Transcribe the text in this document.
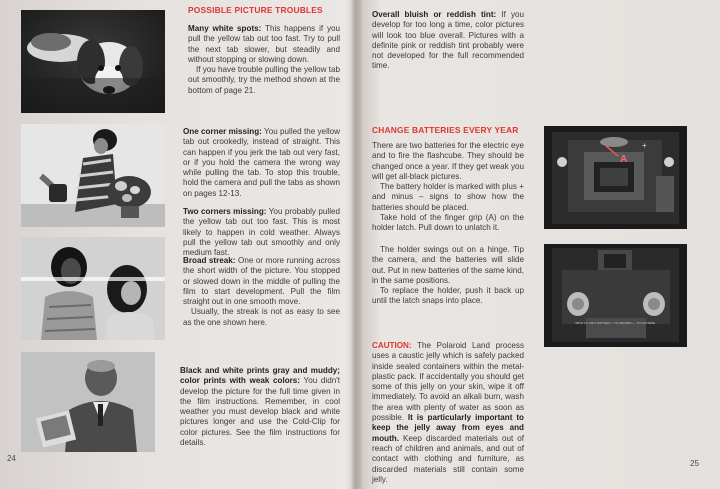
POSSIBLE PICTURE TROUBLES

Many white spots: This happens if you pull the yellow tab out too fast. Try to pull the next tab slower, but steadily and without stopping or slowing down.
If you have trouble pulling the yellow tab out smoothly, try the method shown at the bottom of page 21.

One corner missing: You pulled the yellow tab out crookedly, instead of straight. This can happen if you jerk the tab out very fast, or if you hold the camera the wrong way while pulling the tab. To stop this trouble, hold the camera and pull the tabs as shown on pages 12-13.

Two corners missing: You probably pulled the yellow tab out too fast. This is most likely to happen in cold weather. Always pull the yellow tab out smoothly and only medium fast.

Broad streak: One or more running across the short width of the picture. You stopped or slowed down in the middle of pulling the film to start development. Pull the film straight out in one smooth move.
Usually, the streak is not as easy to see as the one shown here.

Black and white prints gray and muddy; color prints with weak colors: You didn't develop the picture for the full time given in the film instructions. Remember, in cool weather you must develop black and white pictures longer and use the Cold-Clip for color pictures. See the film instructions for details.

24

Overall bluish or reddish tint: If you develop for too long a time, color pictures will look too blue overall. Pictures with a definite pink or reddish tint probably were not developed for the full recommended time.

CHANGE BATTERIES EVERY YEAR

There are two batteries for the electric eye and to fire the flashcube. They should be changed once a year. If they get weak you will get all-black pictures.
The battery holder is marked with plus + and minus – signs to show how the batteries should be placed.
Take hold of the finger grip (A) on the holder latch. Pull down to unlatch it.

The holder swings out on a hinge. Tip the camera, and the batteries will slide out. Put in new batteries of the same kind, in the same positions.
To replace the holder, push it back up until the latch snaps into place.

CAUTION: The Polaroid Land process uses a caustic jelly which is safely packed inside sealed containers within the metal-plastic pack. If accidentally you should get some of this jelly on your skin, wipe it off immediately. To avoid an alkali burn, wash the area with plenty of water as soon as possible. It is particularly important to keep the jelly away from eyes and mouth. Keep discarded materials out of reach of children and animals, and out of contact with clothing and furniture, as discarded materials still contain some jelly.

A
+
WITH 1.5 VOLT BATTERY + TO CENTER + - TO OUTSIDE -
25
